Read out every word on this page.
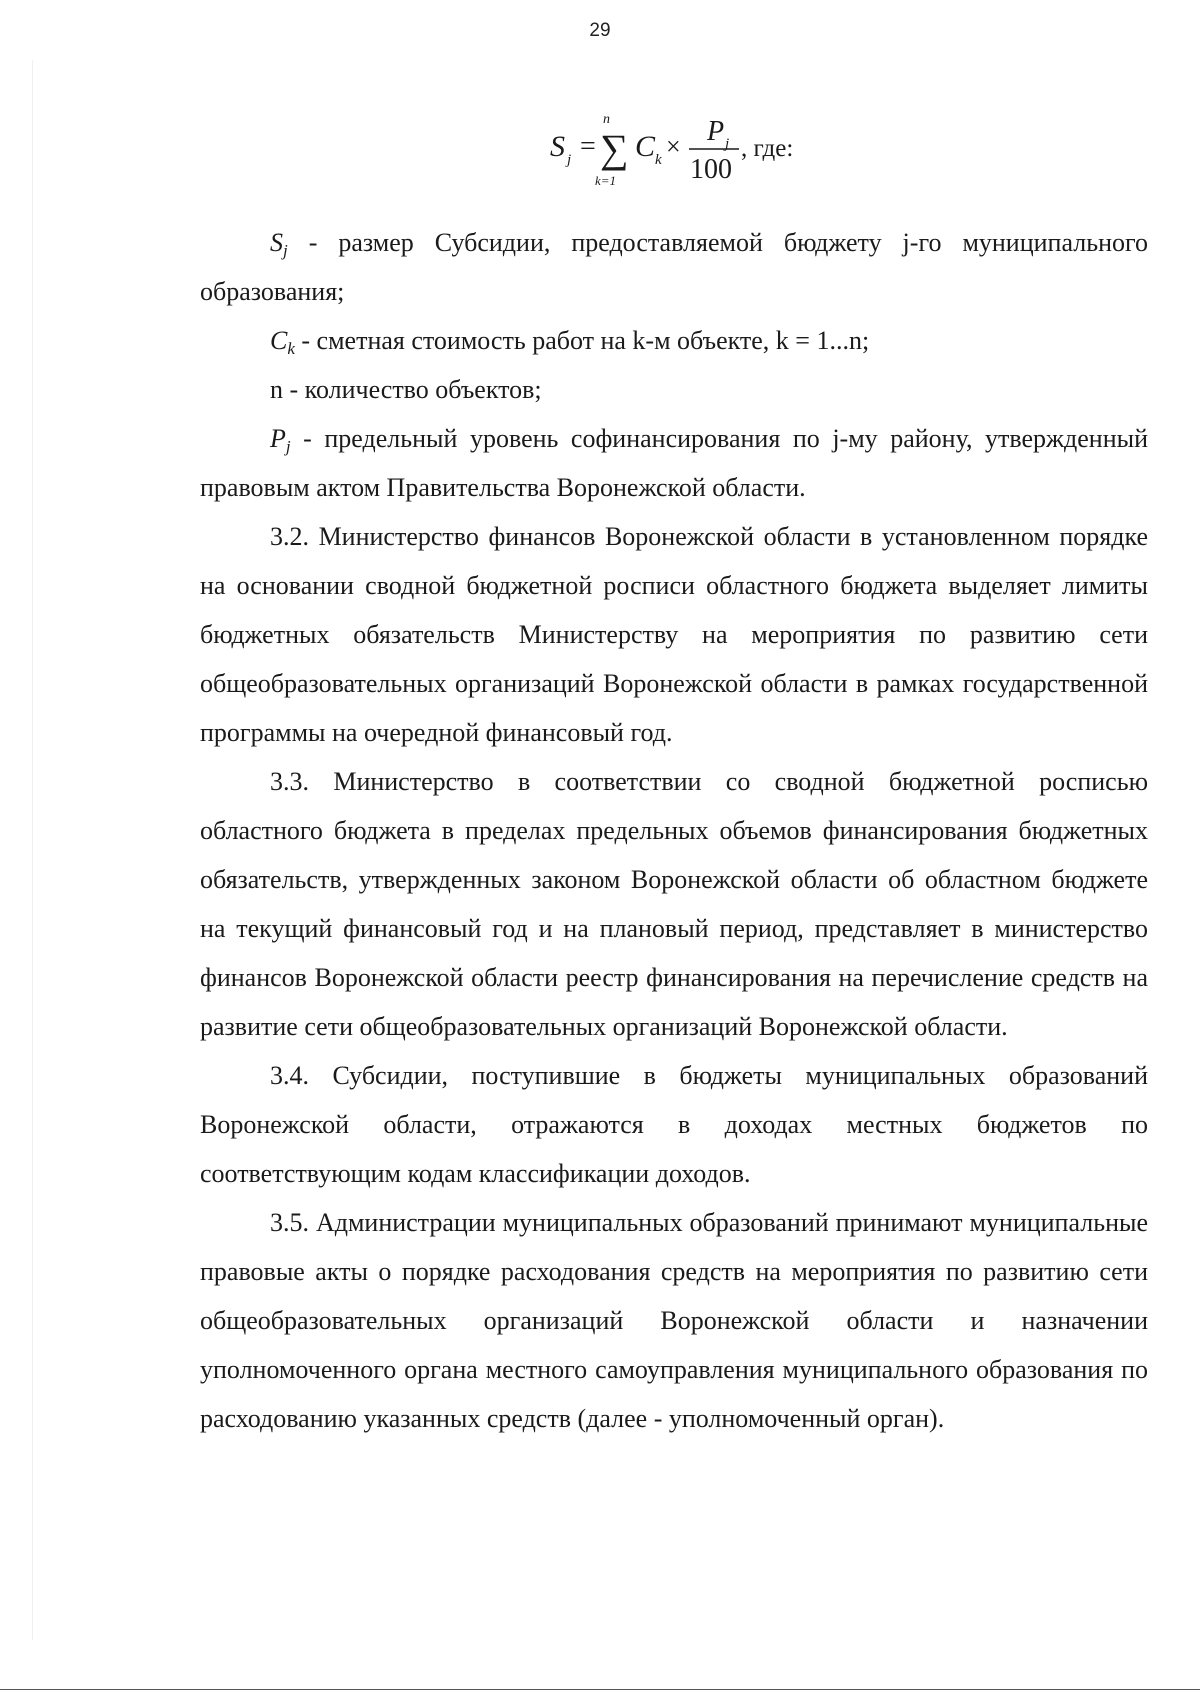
29
S j =
n
∑
k=1
C k × P j
100
, где:

$S_j$ - размер Субсидии, предоставляемой бюджету j-го муниципального образования;

$C_k$ - сметная стоимость работ на k-м объекте, k = 1...n;

n - количество объектов;

$P_j$ - предельный уровень софинансирования по j-му району, утвержденный правовым актом Правительства Воронежской области.

3.2. Министерство финансов Воронежской области в установленном порядке на основании сводной бюджетной росписи областного бюджета выделяет лимиты бюджетных обязательств Министерству на мероприятия по развитию сети общеобразовательных организаций Воронежской области в рамках государственной программы на очередной финансовый год.

3.3. Министерство в соответствии со сводной бюджетной росписью областного бюджета в пределах предельных объемов финансирования бюджетных обязательств, утвержденных законом Воронежской области об областном бюджете на текущий финансовый год и на плановый период, представляет в министерство финансов Воронежской области реестр финансирования на перечисление средств на развитие сети общеобразовательных организаций Воронежской области.

3.4. Субсидии, поступившие в бюджеты муниципальных образований Воронежской области, отражаются в доходах местных бюджетов по соответствующим кодам классификации доходов.

3.5. Администрации муниципальных образований принимают муниципальные правовые акты о порядке расходования средств на мероприятия по развитию сети общеобразовательных организаций Воронежской области и назначении уполномоченного органа местного самоуправления муниципального образования по расходованию указанных средств (далее - уполномоченный орган).
